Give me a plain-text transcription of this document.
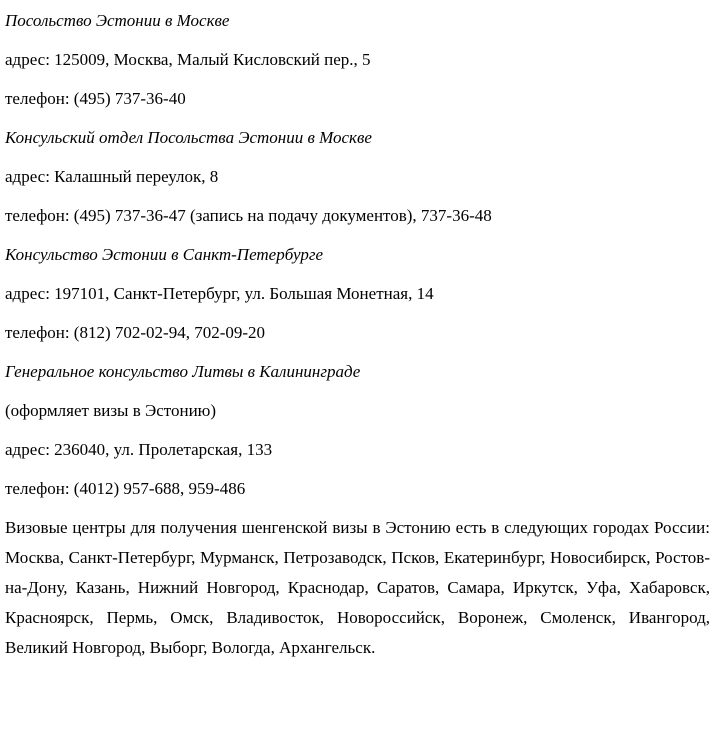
Посольство Эстонии в Москве

адрес: 125009, Москва, Малый Кисловский пер., 5

телефон: (495) 737-36-40

Консульский отдел Посольства Эстонии в Москве

адрес: Калашный переулок, 8

телефон: (495) 737-36-47 (запись на подачу документов), 737-36-48

Консульство Эстонии в Санкт-Петербурге

адрес: 197101, Санкт-Петербург, ул. Большая Монетная, 14

телефон: (812) 702-02-94, 702-09-20

Генеральное консульство Литвы в Калининграде

(оформляет визы в Эстонию)

адрес: 236040, ул. Пролетарская, 133

телефон: (4012) 957-688, 959-486

Визовые центры для получения шенгенской визы в Эстонию есть в следующих городах России: Москва, Санкт-Петербург, Мурманск, Петрозаводск, Псков, Екатеринбург, Новосибирск, Ростов-на-Дону, Казань, Нижний Новгород, Краснодар, Саратов, Самара, Иркутск, Уфа, Хабаровск, Красноярск, Пермь, Омск, Владивосток, Новороссийск, Воронеж, Смоленск, Ивангород, Великий Новгород, Выборг, Вологда, Архангельск.
